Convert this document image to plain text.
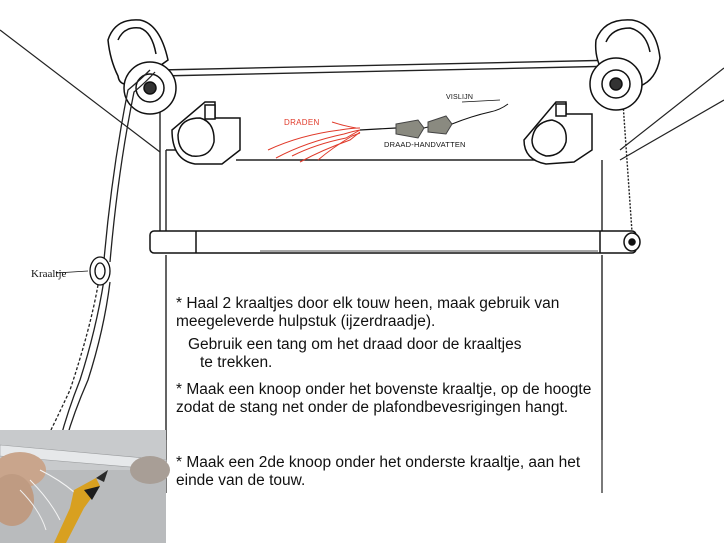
Kraaltje
DRADEN
VISLIJN
DRAAD-HANDVATTEN
* Haal 2 kraaltjes door elk touw heen, maak gebruik van meegeleverde hulpstuk (ijzerdraadje).
Gebruik een tang om het draad door de kraaltjes
te trekken.
* Maak een knoop onder het bovenste kraaltje, op de hoogte zodat de stang net onder de plafondbevesrigingen hangt.
* Maak een 2de knoop onder het onderste kraaltje, aan het einde van de touw.
